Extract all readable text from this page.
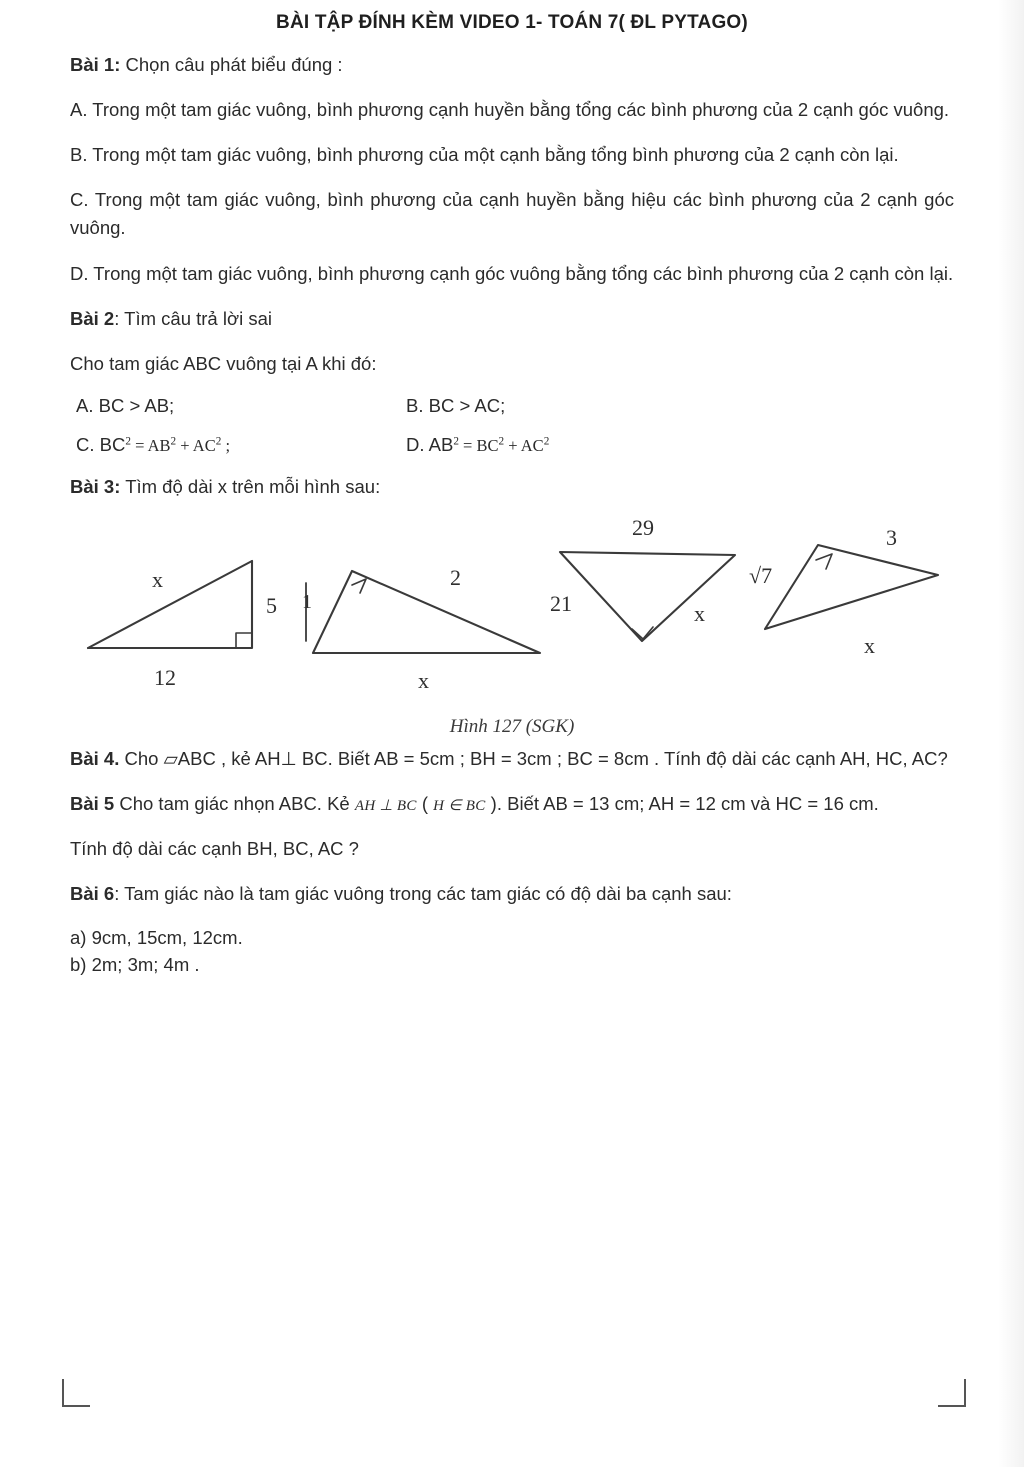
BÀI TẬP ĐÍNH KÈM VIDEO 1- TOÁN 7( ĐL PYTAGO)

Bài 1: Chọn câu phát biểu đúng :

A. Trong một tam giác vuông, bình phương cạnh huyền bằng tổng các bình phương của 2 cạnh góc vuông.

B. Trong một tam giác vuông, bình phương của một cạnh bằng tổng bình phương của 2 cạnh còn lại.

C. Trong một tam giác vuông, bình phương của cạnh huyền bằng hiệu các bình phương của 2 cạnh góc vuông.

D. Trong một tam giác vuông, bình phương cạnh góc vuông bằng tổng các bình phương của 2 cạnh còn lại.

Bài 2: Tìm câu trả lời sai

Cho tam giác ABC vuông tại A khi đó:

A. BC > AB;	B. BC > AC;
C. $BC^2 = AB^2 + AC^2$ ;	D. $AB^2 = BC^2 + AC^2$

Bài 3: Tìm độ dài x trên mỗi hình sau:

x
5
12
1
2
x
29
21	x
√7
3
x
Hình 127 (SGK)

Bài 4. Cho ▱ABC , kẻ AH⊥ BC. Biết AB = 5cm ; BH = 3cm ; BC = 8cm . Tính độ dài các cạnh AH, HC, AC?

Bài 5 Cho tam giác nhọn ABC. Kẻ AH ⊥ BC ( H ∈ BC ). Biết AB = 13 cm; AH = 12 cm và HC = 16 cm.

Tính độ dài các cạnh BH, BC, AC ?

Bài 6: Tam giác nào là tam giác vuông trong các tam giác có độ dài ba cạnh sau:

a) 9cm, 15cm, 12cm.
b) 2m; 3m; 4m .
